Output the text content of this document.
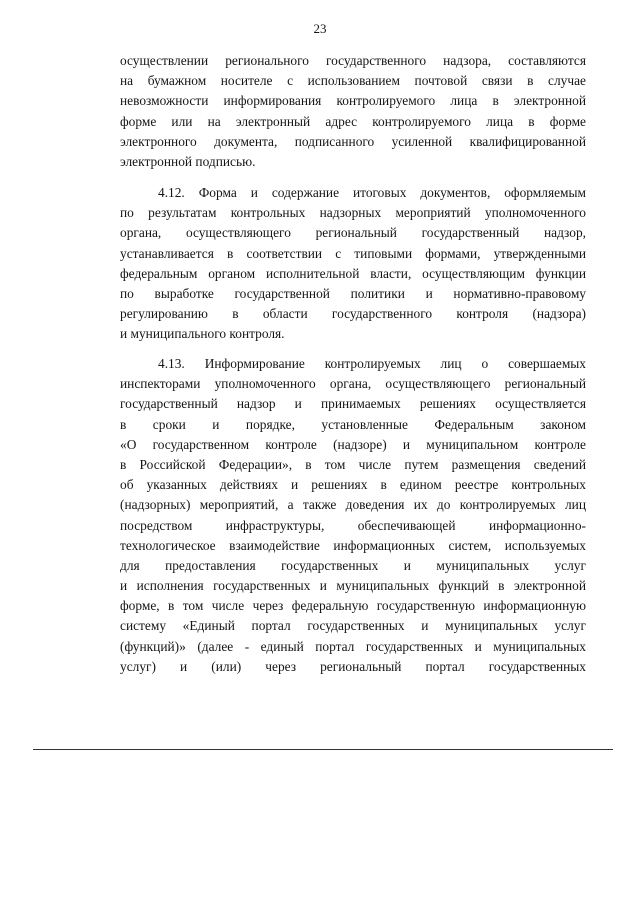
23
осуществлении регионального государственного надзора, составляются
на бумажном носителе с использованием почтовой связи в случае
невозможности информирования контролируемого лица в электронной
форме или на электронный адрес контролируемого лица в форме
электронного документа, подписанного усиленной квалифицированной
электронной подписью.
4.12. Форма и содержание итоговых документов, оформляемым
по результатам контрольных надзорных мероприятий уполномоченного
органа, осуществляющего региональный государственный надзор,
устанавливается в соответствии с типовыми формами, утвержденными
федеральным органом исполнительной власти, осуществляющим функции
по выработке государственной политики и нормативно-правовому
регулированию в области государственного контроля (надзора)
и муниципального контроля.
4.13. Информирование контролируемых лиц о совершаемых
инспекторами уполномоченного органа, осуществляющего региональный
государственный надзор и принимаемых решениях осуществляется
в сроки и порядке, установленные Федеральным законом
«О государственном контроле (надзоре) и муниципальном контроле
в Российской Федерации», в том числе путем размещения сведений
об указанных действиях и решениях в едином реестре контрольных
(надзорных) мероприятий, а также доведения их до контролируемых лиц
посредством инфраструктуры, обеспечивающей информационно-
технологическое взаимодействие информационных систем, используемых
для предоставления государственных и муниципальных услуг
и исполнения государственных и муниципальных функций в электронной
форме, в том числе через федеральную государственную информационную
систему «Единый портал государственных и муниципальных услуг
(функций)» (далее - единый портал государственных и муниципальных
услуг) и (или) через региональный портал государственных
